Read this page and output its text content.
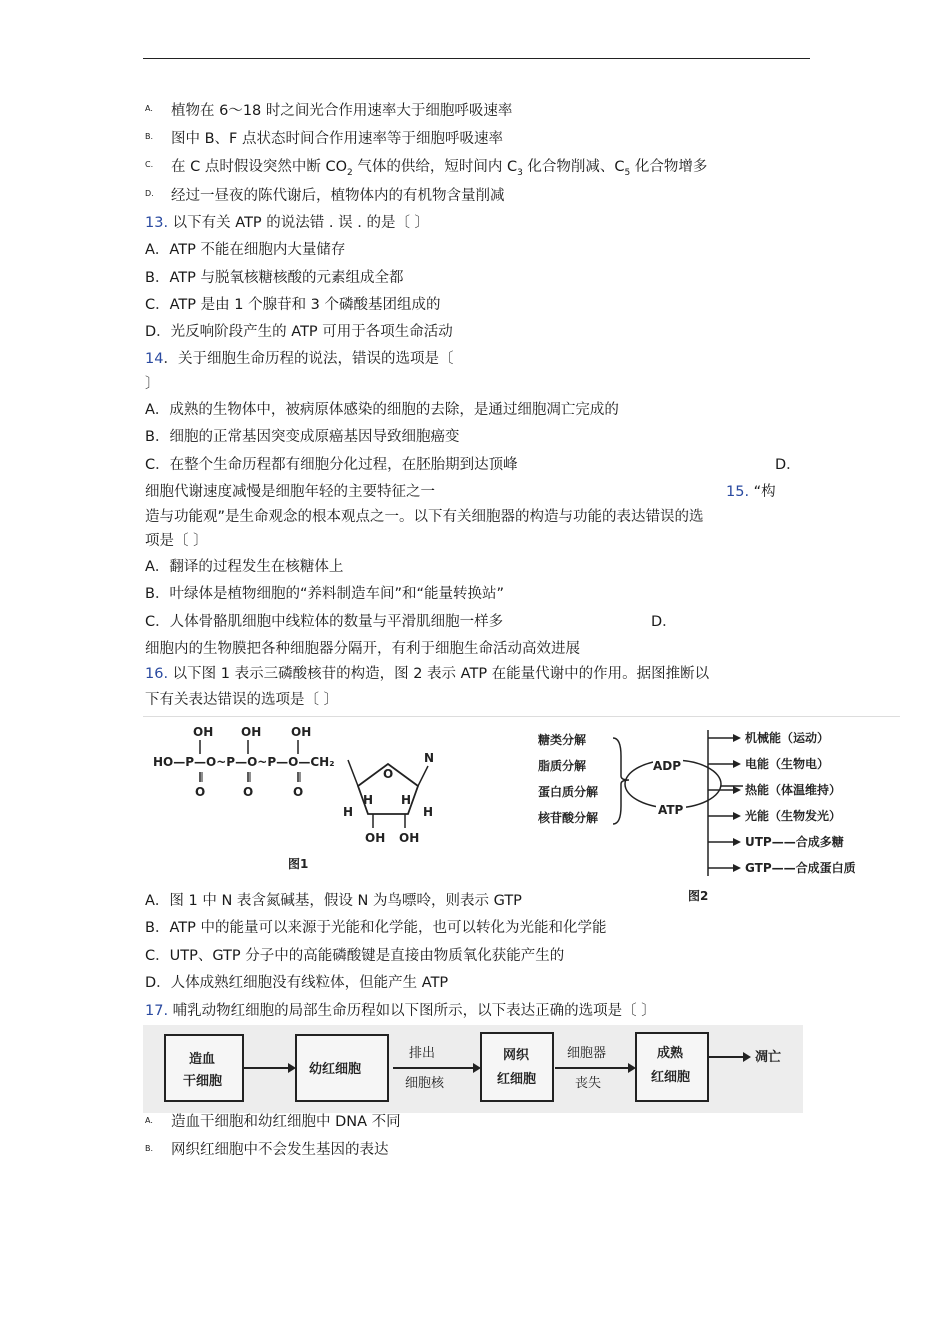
A. 植物在 6～18 时之间光合作用速率大于细胞呼吸速率
B. 图中 B、F 点状态时间合作用速率等于细胞呼吸速率
C. 在 C 点时假设突然中断 $CO_2$ 气体的供给，短时间内 $C_3$ 化合物削减、$C_5$ 化合物增多
D. 经过一昼夜的陈代谢后，植物体内的有机物含量削减
13. 以下有关 ATP 的说法错 . 误 . 的是〔 〕
A．ATP 不能在细胞内大量储存
B．ATP 与脱氧核糖核酸的元素组成全都
C．ATP 是由 1 个腺苷和 3 个磷酸基团组成的
D．光反响阶段产生的 ATP 可用于各项生命活动
14．关于细胞生命历程的说法，错误的选项是〔
〕
A．成熟的生物体中，被病原体感染的细胞的去除，是通过细胞凋亡完成的
B．细胞的正常基因突变成原癌基因导致细胞癌变
C．在整个生命历程都有细胞分化过程，在胚胎期到达顶峰	D．
细胞代谢速度减慢是细胞年轻的主要特征之一	15. “构
造与功能观”是生命观念的根本观点之一。以下有关细胞器的构造与功能的表达错误的选
项是〔 〕
A．翻译的过程发生在核糖体上
B．叶绿体是植物细胞的“养料制造车间”和“能量转换站”
C．人体骨骼肌细胞中线粒体的数量与平滑肌细胞一样多	D．
细胞内的生物膜把各种细胞器分隔开，有利于细胞生命活动高效进展
16. 以下图 1 表示三磷酸核苷的构造，图 2 表示 ATP 在能量代谢中的作用。据图推断以
下有关表达错误的选项是〔 〕
OH OH OH
HO—P—O~P—O~P—O—CH₂
O	O	O
O
N
H H
H	H
OH OH
图1
糖类分解
脂质分解
蛋白质分解
核苷酸分解
ADP
ATP
机械能（运动）
电能（生物电）
热能（体温维持）
光能（生物发光）
UTP——合成多糖
GTP——合成蛋白质
图2
A．图 1 中 N 表含氮碱基，假设 N 为鸟嘌呤，则表示 GTP
B．ATP 中的能量可以来源于光能和化学能，也可以转化为光能和化学能
C．UTP、GTP 分子中的高能磷酸键是直接由物质氧化获能产生的
D．人体成熟红细胞没有线粒体，但能产生 ATP
17. 哺乳动物红细胞的局部生命历程如以下图所示，以下表达正确的选项是〔 〕
造血
干细胞
幼红细胞
排出
细胞核
网织
红细胞
细胞器
丧失
成熟
红细胞
凋亡
A. 造血干细胞和幼红细胞中 DNA 不同
B. 网织红细胞中不会发生基因的表达
